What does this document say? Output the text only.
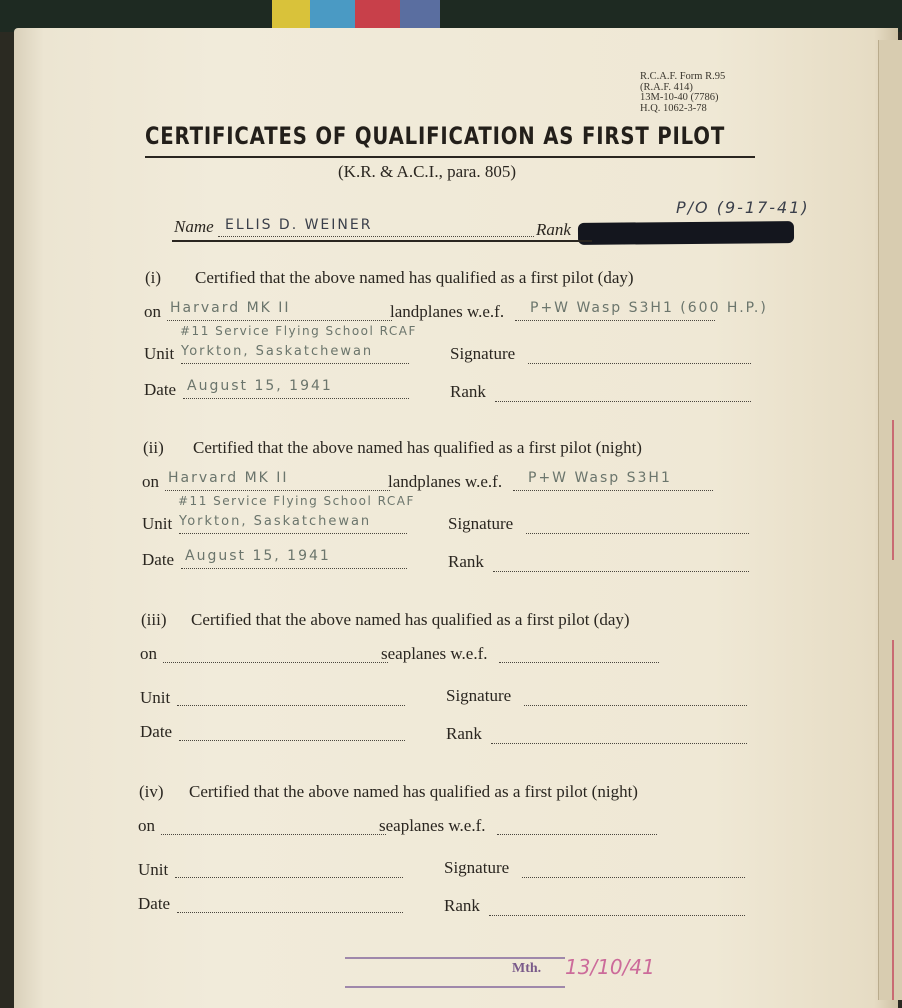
R.C.A.F. Form R.95
(R.A.F. 414)
13M-10-40 (7786)
H.Q. 1062-3-78
CERTIFICATES OF QUALIFICATION AS FIRST PILOT
(K.R. & A.C.I., para. 805)
Name ELLIS D. WEINER	Rank
P/O (9-17-41)
(i) Certified that the above named has qualified as a first pilot (day)
on Harvard MK II	landplanes w.e.f. P+W Wasp S3H1 (600 H.P.)
#11 Service Flying School RCAF
Unit Yorkton, Saskatchewan	Signature
Date August 15, 1941	Rank
(ii) Certified that the above named has qualified as a first pilot (night)
on Harvard MK II	landplanes w.e.f. P+W Wasp S3H1
#11 Service Flying School RCAF
Unit Yorkton, Saskatchewan	Signature
Date August 15, 1941	Rank
(iii) Certified that the above named has qualified as a first pilot (day)
on	seaplanes w.e.f.
Unit	Signature
Date	Rank
(iv) Certified that the above named has qualified as a first pilot (night)
on	seaplanes w.e.f.
Unit	Signature
Date	Rank
Mth. 13/10/41
